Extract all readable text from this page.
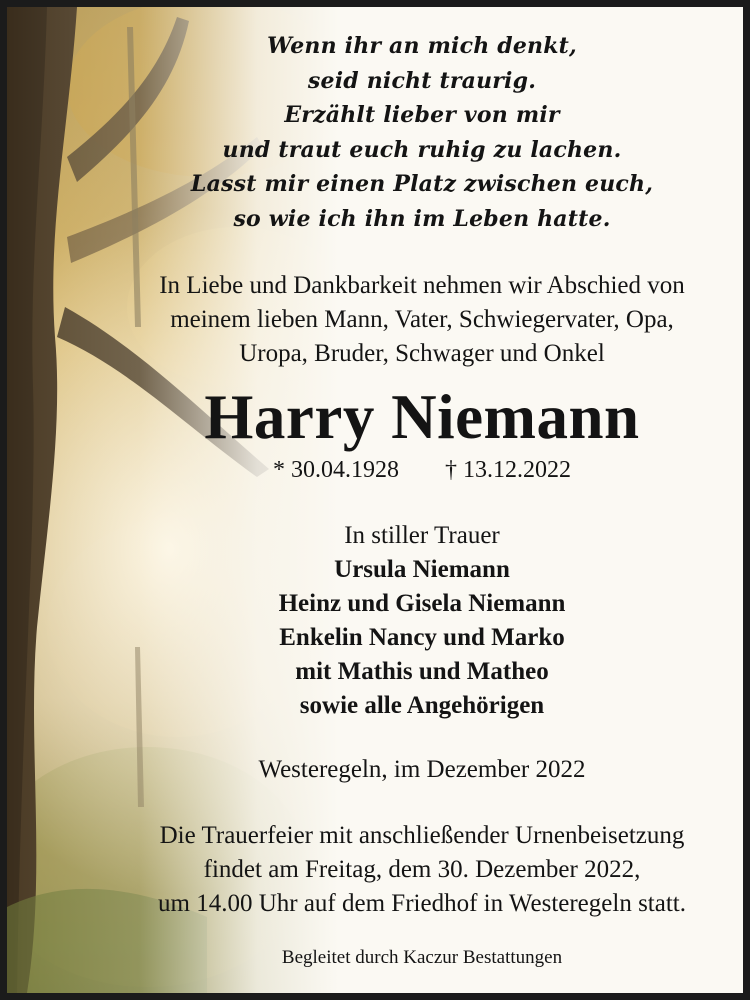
Wenn ihr an mich denkt,
seid nicht traurig.
Erzählt lieber von mir
und traut euch ruhig zu lachen.
Lasst mir einen Platz zwischen euch,
so wie ich ihn im Leben hatte.
In Liebe und Dankbarkeit nehmen wir Abschied von
meinem lieben Mann, Vater, Schwiegervater, Opa,
Uropa, Bruder, Schwager und Onkel
Harry Niemann
* 30.04.1928 † 13.12.2022
In stiller Trauer
Ursula Niemann
Heinz und Gisela Niemann
Enkelin Nancy und Marko
mit Mathis und Matheo
sowie alle Angehörigen
Westeregeln, im Dezember 2022
Die Trauerfeier mit anschließender Urnenbeisetzung
findet am Freitag, dem 30. Dezember 2022,
um 14.00 Uhr auf dem Friedhof in Westeregeln statt.
Begleitet durch Kaczur Bestattungen
